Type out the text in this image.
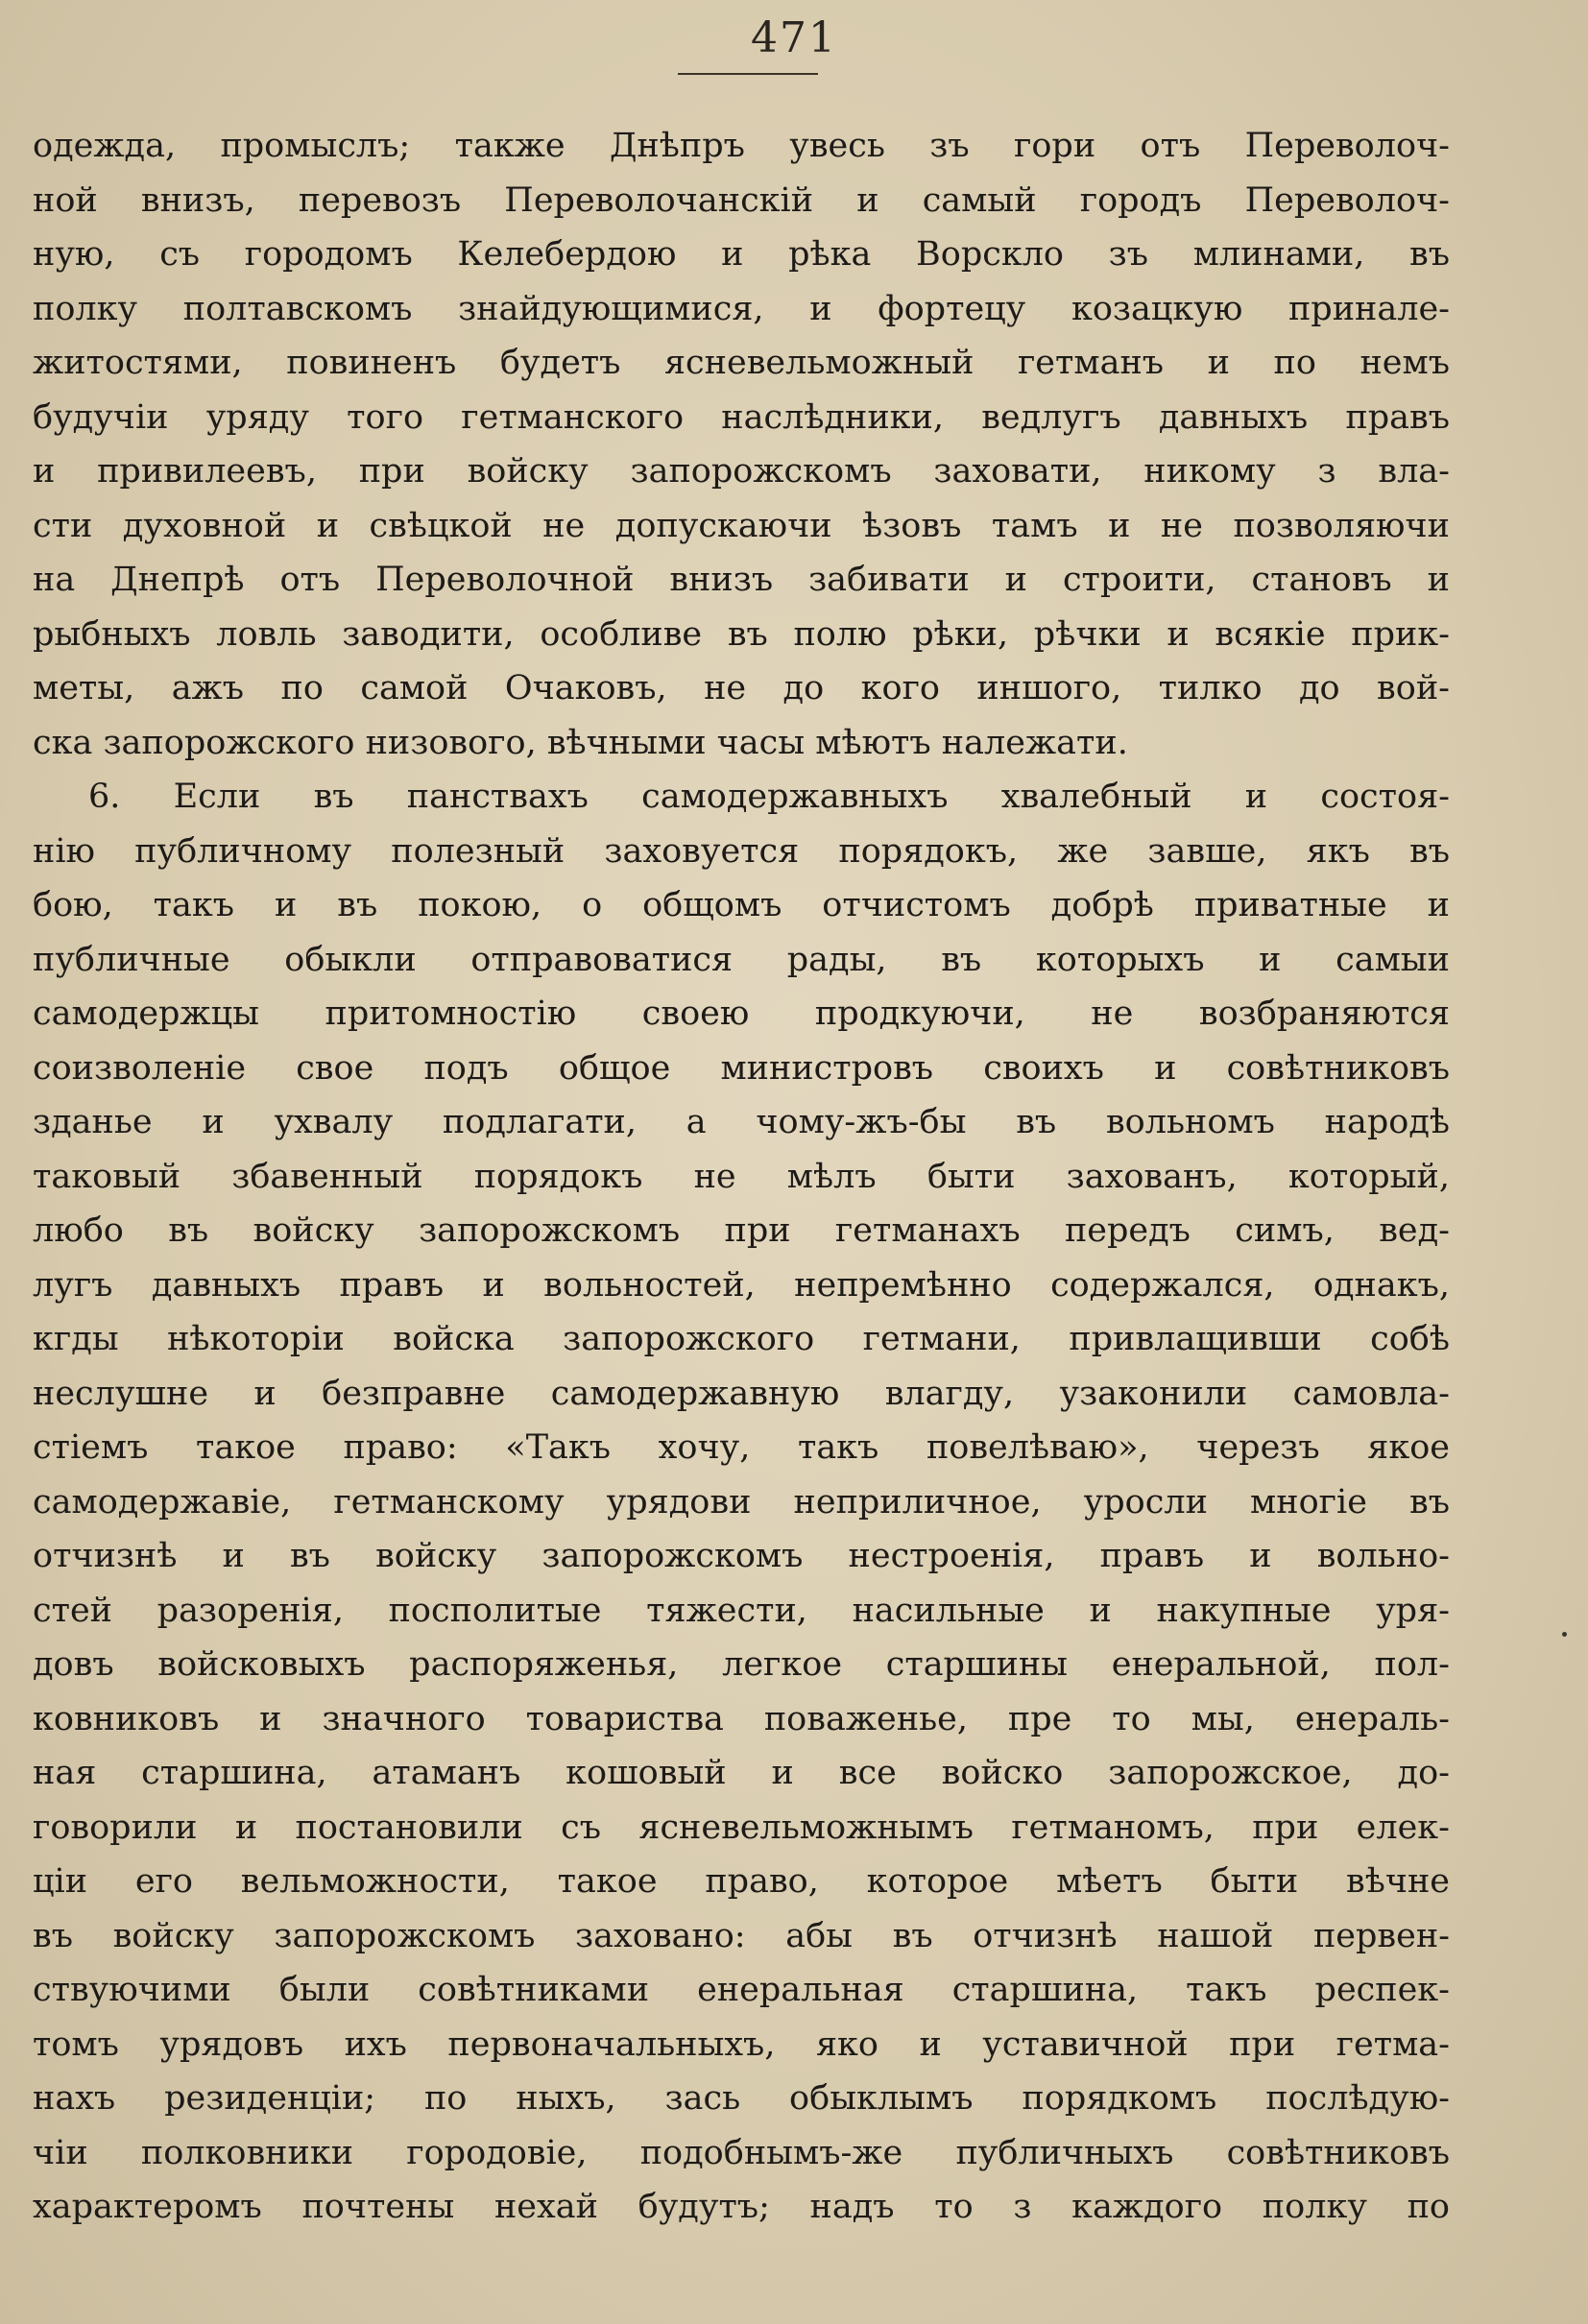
471
одежда, промыслъ; также Днѣпръ увесь зъ гори отъ Переволоч-
ной внизъ, перевозъ Переволочанскій и самый городъ Переволоч-
ную, съ городомъ Келебердою и рѣка Ворскло зъ млинами, въ
полку полтавскомъ знайдующимися, и фортецу козацкую принале-
житостями, повиненъ будетъ ясневельможный гетманъ и по немъ
будучіи уряду того гетманского наслѣдники, ведлугъ давныхъ правъ
и привилеевъ, при войску запорожскомъ заховати, никому з вла-
сти духовной и свѣцкой не допускаючи ѣзовъ тамъ и не позволяючи
на Днепрѣ отъ Переволочной внизъ забивати и строити, становъ и
рыбныхъ ловль заводити, особливе въ полю рѣки, рѣчки и всякіе прик-
меты, ажъ по самой Очаковъ, не до кого иншого, тилко до вой-
ска запорожского низового, вѣчными часы мѣютъ належати.
6. Если въ панствахъ самодержавныхъ хвалебный и состоя-
нію публичному полезный заховуется порядокъ, же завше, якъ въ
бою, такъ и въ покою, о общомъ отчистомъ добрѣ приватные и
публичные обыкли отправоватися рады, въ которыхъ и самыи
самодержцы притомностію своею продкуючи, не возбраняются
соизволеніе свое подъ общое министровъ своихъ и совѣтниковъ
зданье и ухвалу подлагати, а чому-жъ-бы въ вольномъ народѣ
таковый збавенный порядокъ не мѣлъ быти захованъ, который,
любо въ войску запорожскомъ при гетманахъ передъ симъ, вед-
лугъ давныхъ правъ и вольностей, непремѣнно содержался, однакъ,
кгды нѣкоторіи войска запорожского гетмани, привлащивши собѣ
неслушне и безправне самодержавную влагду, узаконили самовла-
стіемъ такое право: «Такъ хочу, такъ повелѣваю», черезъ якое
самодержавіе, гетманскому урядови неприличное, уросли многіе въ
отчизнѣ и въ войску запорожскомъ нестроенія, правъ и вольно-
стей разоренія, посполитые тяжести, насильные и накупные уря-
довъ войсковыхъ распоряженья, легкое старшины енеральной, пол-
ковниковъ и значного товариства поваженье, пре то мы, енераль-
ная старшина, атаманъ кошовый и все войско запорожское, до-
говорили и постановили съ ясневельможнымъ гетманомъ, при елек-
ціи его вельможности, такое право, которое мѣетъ быти вѣчне
въ войску запорожскомъ заховано: абы въ отчизнѣ нашой первен-
ствуючими были совѣтниками енеральная старшина, такъ респек-
томъ урядовъ ихъ первоначальныхъ, яко и уставичной при гетма-
нахъ резиденціи; по ныхъ, зась обыклымъ порядкомъ послѣдую-
чіи полковники городовіе, подобнымъ-же публичныхъ совѣтниковъ
характеромъ почтены нехай будутъ; надъ то з каждого полку по
